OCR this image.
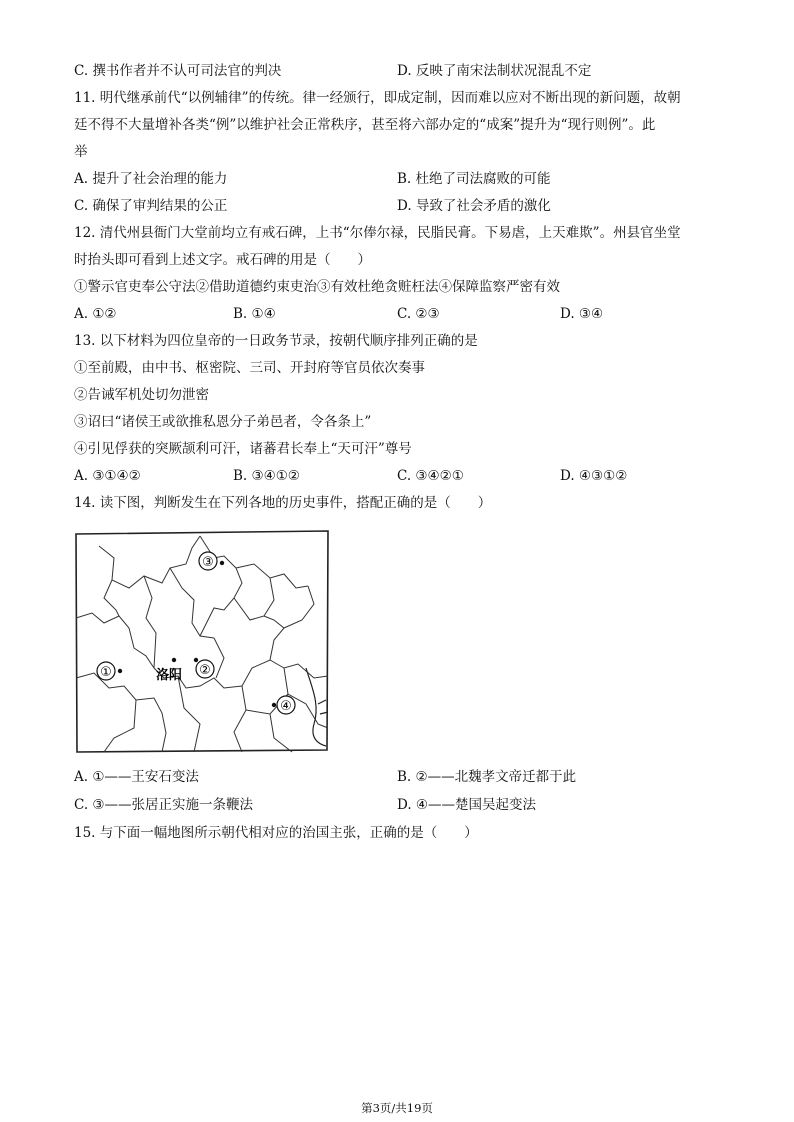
C. 撰书作者并不认可司法官的判决	D. 反映了南宋法制状况混乱不定
11. 明代继承前代“以例辅律”的传统。律一经颁行，即成定制，因而难以应对不断出现的新问题，故朝
廷不得不大量增补各类“例”以维护社会正常秩序，甚至将六部办定的“成案”提升为“现行则例”。此
举
A. 提升了社会治理的能力	B. 杜绝了司法腐败的可能
C. 确保了审判结果的公正	D. 导致了社会矛盾的激化
12. 清代州县衙门大堂前均立有戒石碑，上书“尔俸尔禄，民脂民膏。下易虐，上天难欺”。州县官坐堂
时抬头即可看到上述文字。戒石碑的用是（　　）
①警示官吏奉公守法②借助道德约束吏治③有效杜绝贪赃枉法④保障监察严密有效
A. ①②	B. ①④	C. ②③	D. ③④
13. 以下材料为四位皇帝的一日政务节录，按朝代顺序排列正确的是
①至前殿，由中书、枢密院、三司、开封府等官员依次奏事
②告诫军机处切勿泄密
③诏曰“诸侯王或欲推私恩分子弟邑者，令各条上”
④引见俘获的突厥颉利可汗，诸蕃君长奉上“天可汗”尊号
A. ③①④②	B. ③④①②	C. ③④②①	D. ④③①②
14. 读下图，判断发生在下列各地的历史事件，搭配正确的是（　　）
①	洛阳 ②
③
④
A. ①——王安石变法	B. ②——北魏孝文帝迁都于此
C. ③——张居正实施一条鞭法	D. ④——楚国吴起变法
15. 与下面一幅地图所示朝代相对应的治国主张，正确的是（　　）
第3页/共19页
